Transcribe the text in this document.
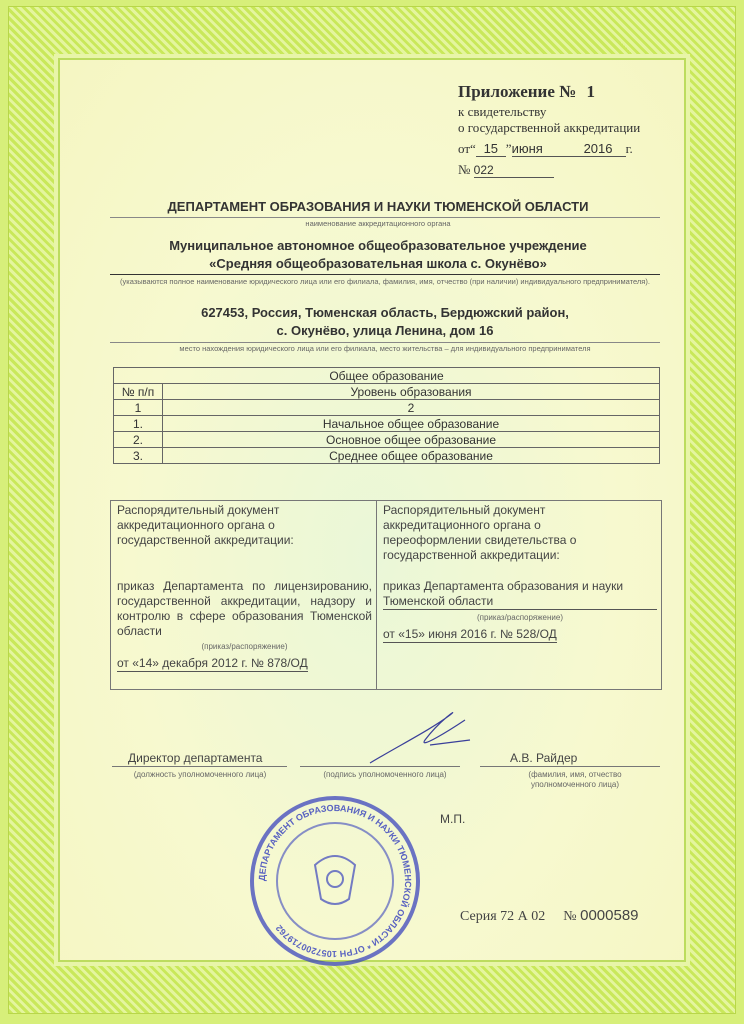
Приложение № 1
к свидетельству
о государственной аккредитации
от“ 15 ”июня	2016 г.
№ 022
ДЕПАРТАМЕНТ ОБРАЗОВАНИЯ И НАУКИ ТЮМЕНСКОЙ ОБЛАСТИ
наименование аккредитационного органа
Муниципальное автономное общеобразовательное учреждение
«Средняя общеобразовательная школа с. Окунёво»
(указываются полное наименование юридического лица или его филиала, фамилия, имя, отчество (при наличии) индивидуального предпринимателя).
627453, Россия, Тюменская область, Бердюжский район,
с. Окунёво, улица Ленина, дом 16
место нахождения юридического лица или его филиала, место жительства – для индивидуального предпринимателя
Общее образование	
№ п/п	Уровень образования
1	2
1.	Начальное общее образование
2.	Основное общее образование
3.	Среднее общее образование
Распорядительный документ аккредитационного органа о государственной аккредитации:
приказ Департамента по лицензированию, государственной аккредитации, надзору и контролю в сфере образования Тюменской области
(приказ/распоряжение)
от «14» декабря 2012 г. № 878/ОД
Распорядительный документ аккредитационного органа о переоформлении свидетельства о государственной аккредитации:
приказ Департамента образования и науки Тюменской области
(приказ/распоряжение)
от «15» июня 2016 г. № 528/ОД
Директор департамента
(должность уполномоченного лица)	(подпись уполномоченного лица)
А.В. Райдер
(фамилия, имя, отчество уполномоченного лица)
ДЕПАРТАМЕНТ ОБРАЗОВАНИЯ И НАУКИ ТЮМЕНСКОЙ ОБЛАСТИ * ОГРН 1057200719762
М.П.
Серия 72 А 02 № 0000589
